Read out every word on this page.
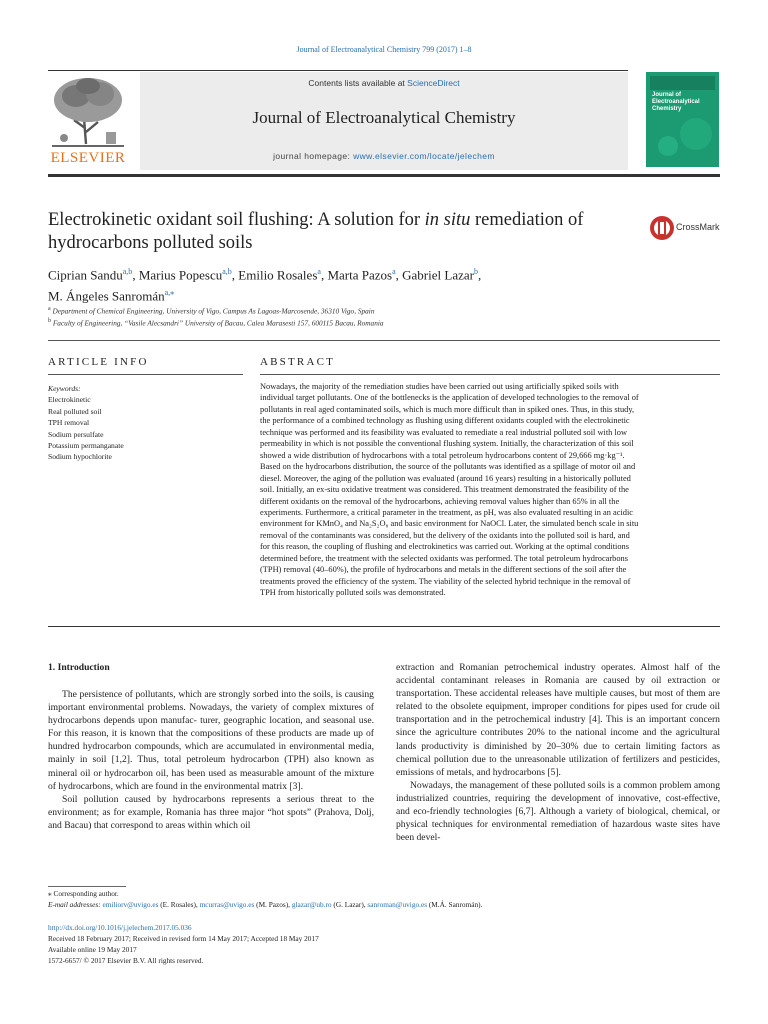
Journal of Electroanalytical Chemistry 799 (2017) 1–8
ELSEVIER
Contents lists available at ScienceDirect
Journal of Electroanalytical Chemistry
journal homepage: www.elsevier.com/locate/jelechem
Journal of Electroanalytical Chemistry
Electrokinetic oxidant soil flushing: A solution for in situ remediation of hydrocarbons polluted soils
CrossMark
Ciprian Sandu$^{a,b}$, Marius Popescu$^{a,b}$, Emilio Rosales$^a$, Marta Pazos$^a$, Gabriel Lazar$^b$,
M. Ángeles Sanromán$^{a,⁎}$
$^a$ Department of Chemical Engineering, University of Vigo, Campus As Lagoas-Marcosende, 36310 Vigo, Spain
$^b$ Faculty of Engineering, “Vasile Alecsandri” University of Bacau, Calea Marasesti 157, 600115 Bacau, Romania
ARTICLE INFO
Keywords:
Electrokinetic
Real polluted soil
TPH removal
Sodium persulfate
Potassium permanganate
Sodium hypochlorite
ABSTRACT
Nowadays, the majority of the remediation studies have been carried out using artificially spiked soils with
individual target pollutants. One of the bottlenecks is the application of developed technologies to the removal of
pollutants in real aged contaminated soils, which is much more difficult than in spiked ones. Thus, in this study,
the performance of a combined technology as flushing using different oxidants coupled with the electrokinetic
technique was performed and its feasibility was evaluated to remediate a real industrial polluted soil with low
permeability in which is not possible the conventional flushing system. Initially, the characterization of this soil
showed a wide distribution of hydrocarbons with a total petroleum hydrocarbons content of 29,666 mg·kg⁻¹.
Based on the hydrocarbons distribution, the source of the pollutants was identified as a spillage of motor oil and
diesel. Moreover, the aging of the pollution was evaluated (around 16 years) resulting in a historically polluted
soil. Initially, an ex-situ oxidative treatment was considered. This treatment demonstrated the feasibility of the
different oxidants on the removal of the hydrocarbons, achieving removal values higher than 65% in all the
experiments. Furthermore, a critical parameter in the treatment, as pH, was also evaluated resulting in an acidic
environment for KMnO₄ and Na₂S₂O₈ and basic environment for NaOCl. Later, the simulated bench scale in situ
removal of the contaminants was considered, but the delivery of the oxidants into the polluted soil is hard, and
for this reason, the coupling of flushing and electrokinetics was carried out. Working at the optimal conditions
determined before, the treatment with the selected oxidants was performed. The total petroleum hydrocarbons
(TPH) removal (40–60%), the profile of hydrocarbons and metals in the different sections of the soil after the
treatments proved the efficiency of the system. The viability of the selected hybrid technique in the removal of
TPH from historically polluted soils was demonstrated.
1. Introduction

The persistence of pollutants, which are strongly sorbed into the soils, is causing important environmental problems. Nowadays, the variety of complex mixtures of hydrocarbons depends upon manufac- turer, geographic location, and seasonal use. For this reason, it is known that the compositions of these products are made up of hundred hydrocarbon compounds, which are accumulated in environmental media, mainly in soil [1,2]. Thus, total petroleum hydrocarbon (TPH) also known as mineral oil or hydrocarbon oil, has been used as measurable amount of the mixture of hydrocarbons, which are found in the environmental matrix [3].

Soil pollution caused by hydrocarbons represents a serious threat to the environment; as for example, Romania has three major “hot spots” (Prahova, Dolj, and Bacau) that correspond to areas within which oil

extraction and Romanian petrochemical industry operates. Almost half of the accidental contaminant releases in Romania are caused by oil extraction or transportation. These accidental releases have multiple causes, but most of them are related to the obsolete equipment, improper conditions for pipes used for crude oil transportation and in the petrochemical industry [4]. This is an important concern since the agriculture contributes 20% to the national income and the agricultural lands productivity is diminished by 20–30% due to certain limiting factors as chemical pollution due to the unreasonable utilization of fertilizers and pesticides, emissions of metals, and hydrocarbons [5].

Nowadays, the management of these polluted soils is a common problem among industrialized countries, requiring the development of innovative, cost-effective, and eco-friendly technologies [6,7]. Although a variety of biological, chemical, or physical techniques for environmental remediation of hazardous waste sites have been devel-

⁎ Corresponding author.
E-mail addresses: emiliorv@uvigo.es (E. Rosales), mcurras@uvigo.es (M. Pazos), glazar@ub.ro (G. Lazar), sanroman@uvigo.es (M.Á. Sanromán).
http://dx.doi.org/10.1016/j.jelechem.2017.05.036
Received 18 February 2017; Received in revised form 14 May 2017; Accepted 18 May 2017
Available online 19 May 2017
1572-6657/ © 2017 Elsevier B.V. All rights reserved.
